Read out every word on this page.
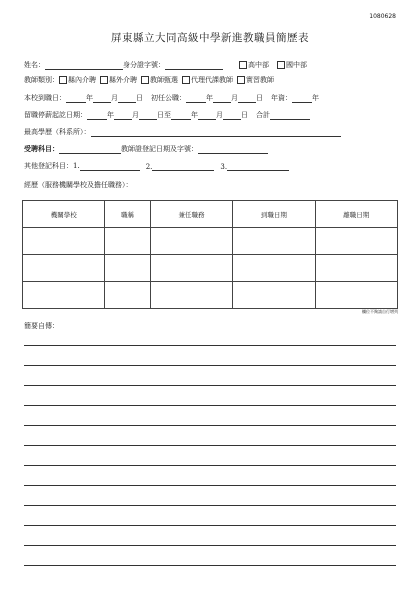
1080628
屏東縣立大同高級中學新進教職員簡歷表
姓名：	身分證字號：	高中部 國中部
教師類別： 縣內介聘 縣外介聘 教師甄選 代理代課教師 實習教師
本校到職日：	年	月	日 初任公職：	年	月	日 年資：	年
留職停薪起訖日期：	年	月	日至	年	月	日 合計
最高學歷（科系所）：
受聘科目：	教師證登記日期及字號：
其他登記科目：1.	2.	3.
經歷（服務機關學校及擔任職務）：
機關學校	職稱	兼任職務	到職日期	離職日期

欄位不夠請自行增列
簡要自傳：
